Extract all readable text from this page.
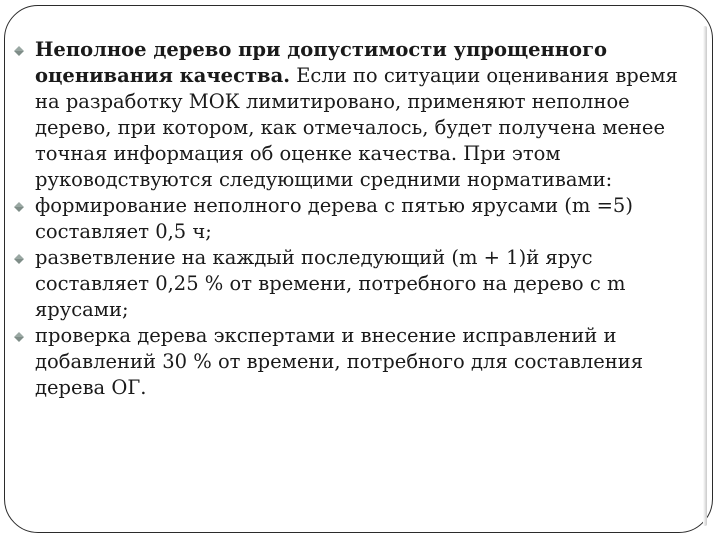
Неполное дерево при допустимости упрощенного оценивания качества. Если по ситуации оценивания время на разработку МОК лимитировано, применяют неполное дерево, при котором, как отмечалось, будет получена менее точная информация об оценке качества. При этом руководствуются следующими средними нормативами:
формирование неполного дерева с пятью ярусами (m =5) составляет 0,5 ч;
разветвление на каждый последующий (m + 1)й ярус составляет 0,25 % от времени, потребного на дерево с m ярусами;
проверка дерева экспертами и внесение исправлений и добавлений 30 % от времени, потребного для составления дерева ОГ.
